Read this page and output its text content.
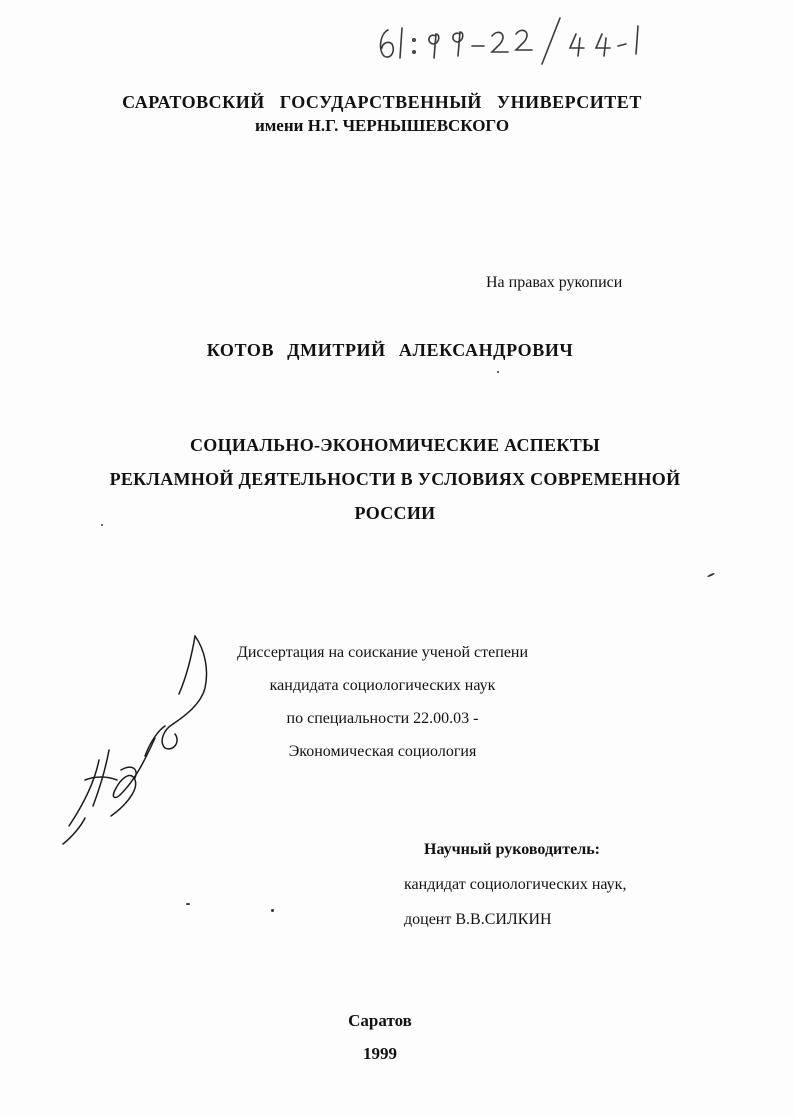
САРАТОВСКИЙ ГОСУДАРСТВЕННЫЙ УНИВЕРСИТЕТ
имени Н.Г. ЧЕРНЫШЕВСКОГО
На правах рукописи
КОТОВ ДМИТРИЙ АЛЕКСАНДРОВИЧ
СОЦИАЛЬНО-ЭКОНОМИЧЕСКИЕ АСПЕКТЫ
РЕКЛАМНОЙ ДЕЯТЕЛЬНОСТИ В УСЛОВИЯХ СОВРЕМЕННОЙ
РОССИИ
Диссертация на соискание ученой степени
кандидата социологических наук
по специальности 22.00.03 -
Экономическая социология
Научный руководитель:
кандидат социологических наук,
доцент В.В.СИЛКИН
Саратов
1999
